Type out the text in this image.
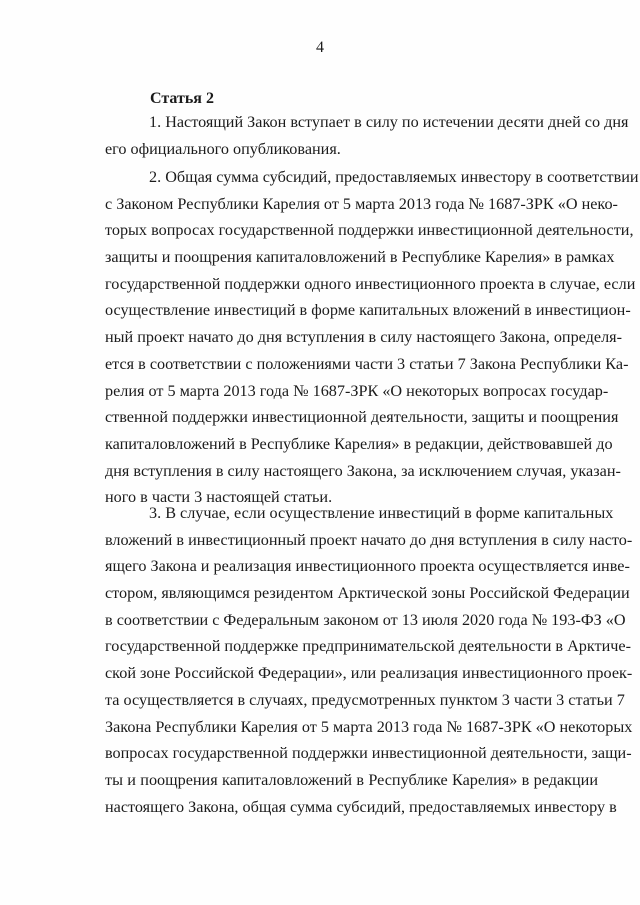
4
Статья 2
1. Настоящий Закон вступает в силу по истечении десяти дней со дня
его официального опубликования.
2. Общая сумма субсидий, предоставляемых инвестору в соответствии
с Законом Республики Карелия от 5 марта 2013 года № 1687-ЗРК «О неко-
торых вопросах государственной поддержки инвестиционной деятельности,
защиты и поощрения капиталовложений в Республике Карелия» в рамках
государственной поддержки одного инвестиционного проекта в случае, если
осуществление инвестиций в форме капитальных вложений в инвестицион-
ный проект начато до дня вступления в силу настоящего Закона, определя-
ется в соответствии с положениями части 3 статьи 7 Закона Республики Ка-
релия от 5 марта 2013 года № 1687-ЗРК «О некоторых вопросах государ-
ственной поддержки инвестиционной деятельности, защиты и поощрения
капиталовложений в Республике Карелия» в редакции, действовавшей до
дня вступления в силу настоящего Закона, за исключением случая, указан-
ного в части 3 настоящей статьи.
3. В случае, если осуществление инвестиций в форме капитальных
вложений в инвестиционный проект начато до дня вступления в силу насто-
ящего Закона и реализация инвестиционного проекта осуществляется инве-
стором, являющимся резидентом Арктической зоны Российской Федерации
в соответствии с Федеральным законом от 13 июля 2020 года № 193-ФЗ «О
государственной поддержке предпринимательской деятельности в Арктиче-
ской зоне Российской Федерации», или реализация инвестиционного проек-
та осуществляется в случаях, предусмотренных пунктом 3 части 3 статьи 7
Закона Республики Карелия от 5 марта 2013 года № 1687-ЗРК «О некоторых
вопросах государственной поддержки инвестиционной деятельности, защи-
ты и поощрения капиталовложений в Республике Карелия» в редакции
настоящего Закона, общая сумма субсидий, предоставляемых инвестору в
